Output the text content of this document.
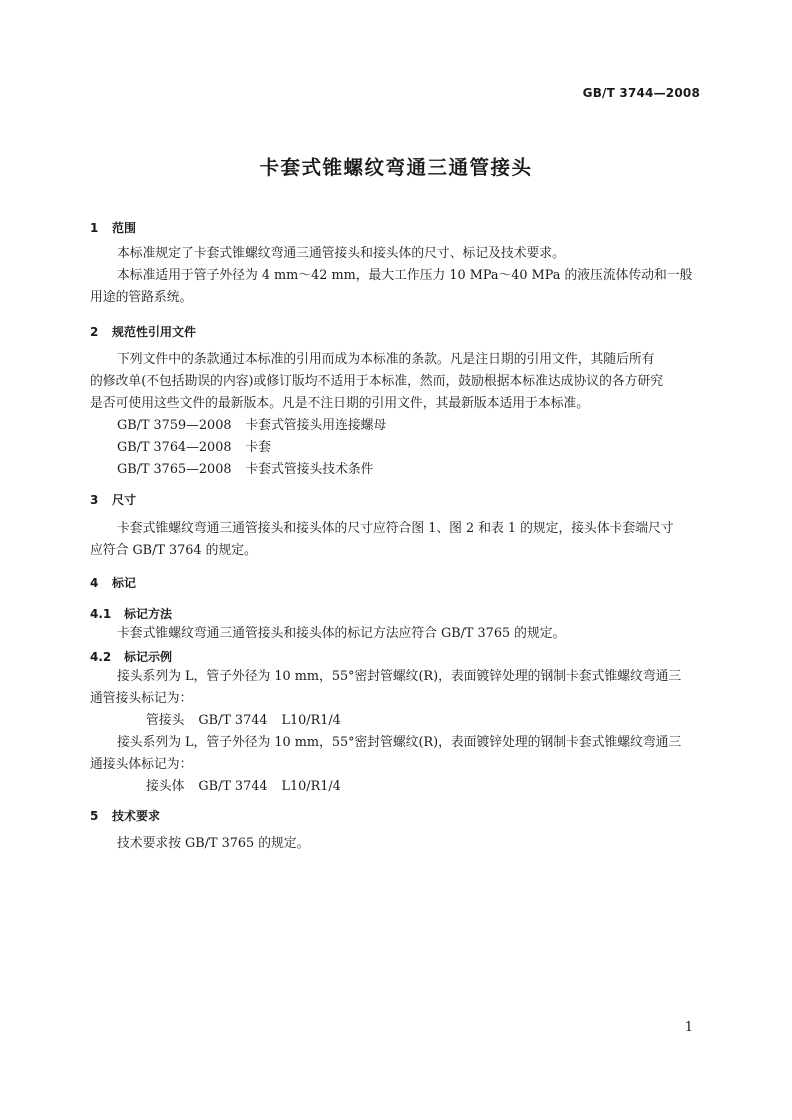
GB/T 3744—2008
卡套式锥螺纹弯通三通管接头
1 范围
本标准规定了卡套式锥螺纹弯通三通管接头和接头体的尺寸、标记及技术要求。
本标准适用于管子外径为 4 mm～42 mm，最大工作压力 10 MPa～40 MPa 的液压流体传动和一般
用途的管路系统。
2 规范性引用文件
下列文件中的条款通过本标准的引用而成为本标准的条款。凡是注日期的引用文件，其随后所有
的修改单(不包括勘误的内容)或修订版均不适用于本标准，然而，鼓励根据本标准达成协议的各方研究
是否可使用这些文件的最新版本。凡是不注日期的引用文件，其最新版本适用于本标准。
GB/T 3759—2008 卡套式管接头用连接螺母
GB/T 3764—2008 卡套
GB/T 3765—2008 卡套式管接头技术条件
3 尺寸
卡套式锥螺纹弯通三通管接头和接头体的尺寸应符合图 1、图 2 和表 1 的规定，接头体卡套端尺寸
应符合 GB/T 3764 的规定。
4 标记
4.1 标记方法
卡套式锥螺纹弯通三通管接头和接头体的标记方法应符合 GB/T 3765 的规定。
4.2 标记示例
接头系列为 L，管子外径为 10 mm，55°密封管螺纹(R)，表面镀锌处理的钢制卡套式锥螺纹弯通三
通管接头标记为：
管接头 GB/T 3744 L10/R1/4
接头系列为 L，管子外径为 10 mm，55°密封管螺纹(R)，表面镀锌处理的钢制卡套式锥螺纹弯通三
通接头体标记为：
接头体 GB/T 3744 L10/R1/4
5 技术要求
技术要求按 GB/T 3765 的规定。
1
